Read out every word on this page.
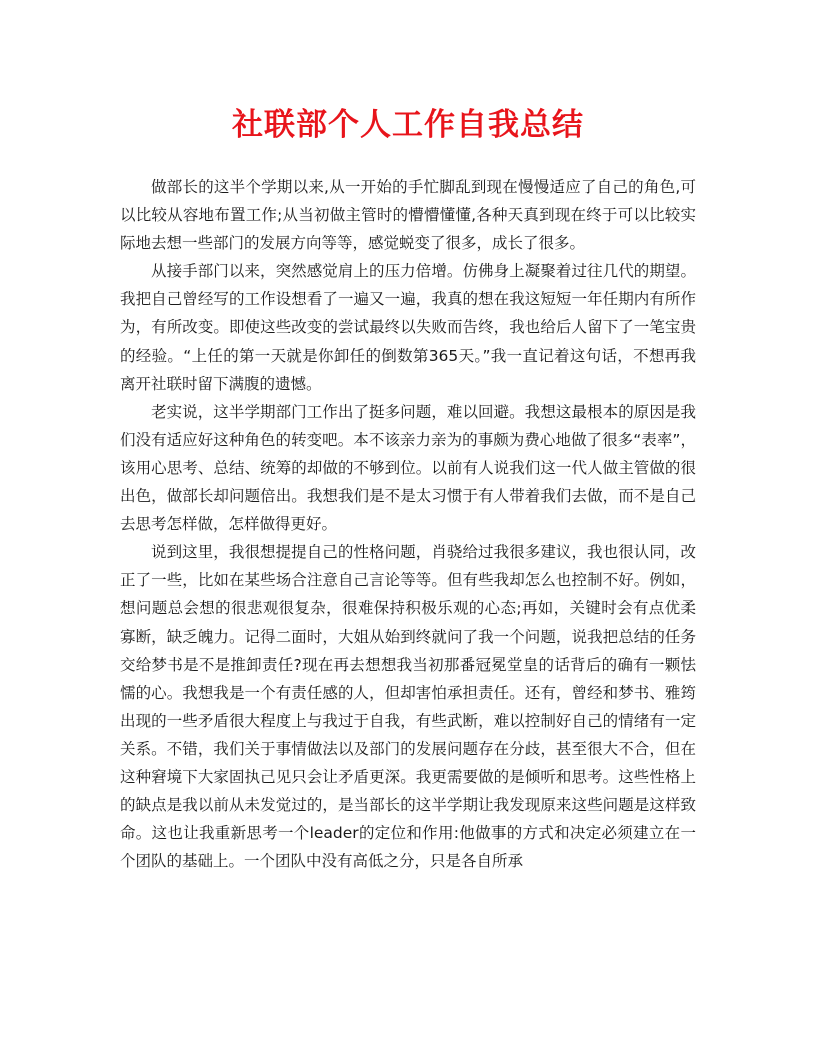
社联部个人工作自我总结

做部长的这半个学期以来,从一开始的手忙脚乱到现在慢慢适应了自己的角色,可以比较从容地布置工作;从当初做主管时的懵懵懂懂,各种天真到现在终于可以比较实际地去想一些部门的发展方向等等，感觉蜕变了很多，成长了很多。

从接手部门以来，突然感觉肩上的压力倍增。仿佛身上凝聚着过往几代的期望。我把自己曾经写的工作设想看了一遍又一遍，我真的想在我这短短一年任期内有所作为，有所改变。即使这些改变的尝试最终以失败而告终，我也给后人留下了一笔宝贵的经验。“上任的第一天就是你卸任的倒数第365天。”我一直记着这句话，不想再我离开社联时留下满腹的遗憾。

老实说，这半学期部门工作出了挺多问题，难以回避。我想这最根本的原因是我们没有适应好这种角色的转变吧。本不该亲力亲为的事颇为费心地做了很多“表率”，该用心思考、总结、统筹的却做的不够到位。以前有人说我们这一代人做主管做的很出色，做部长却问题倍出。我想我们是不是太习惯于有人带着我们去做，而不是自己去思考怎样做，怎样做得更好。

说到这里，我很想提提自己的性格问题，肖骁给过我很多建议，我也很认同，改正了一些，比如在某些场合注意自己言论等等。但有些我却怎么也控制不好。例如，想问题总会想的很悲观很复杂，很难保持积极乐观的心态;再如，关键时会有点优柔寡断，缺乏魄力。记得二面时，大姐从始到终就问了我一个问题，说我把总结的任务交给梦书是不是推卸责任?现在再去想想我当初那番冠冕堂皇的话背后的确有一颗怯懦的心。我想我是一个有责任感的人，但却害怕承担责任。还有，曾经和梦书、雅筠出现的一些矛盾很大程度上与我过于自我，有些武断，难以控制好自己的情绪有一定关系。不错，我们关于事情做法以及部门的发展问题存在分歧，甚至很大不合，但在这种窘境下大家固执己见只会让矛盾更深。我更需要做的是倾听和思考。这些性格上的缺点是我以前从未发觉过的，是当部长的这半学期让我发现原来这些问题是这样致命。这也让我重新思考一个leader的定位和作用:他做事的方式和决定必须建立在一个团队的基础上。一个团队中没有高低之分，只是各自所承
